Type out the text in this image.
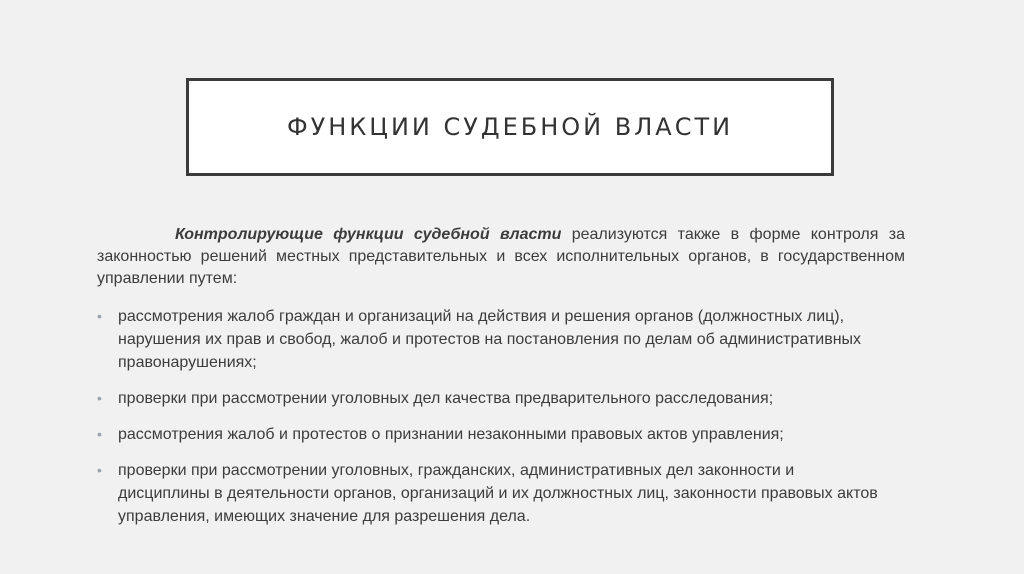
ФУНКЦИИ СУДЕБНОЙ ВЛАСТИ
Контролирующие функции судебной власти реализуются также в форме контроля за законностью решений местных представительных и всех исполнительных органов, в государственном управлении путем:
• рассмотрения жалоб граждан и организаций на действия и решения органов (должностных лиц), нарушения их прав и свобод, жалоб и протестов на постановления по делам об административных правонарушениях;
• проверки при рассмотрении уголовных дел качества предварительного расследования;
• рассмотрения жалоб и протестов о признании незаконными правовых актов управления;
• проверки при рассмотрении уголовных, гражданских, административных дел законности и дисциплины в деятельности органов, организаций и их должностных лиц, законности правовых актов управления, имеющих значение для разрешения дела.
